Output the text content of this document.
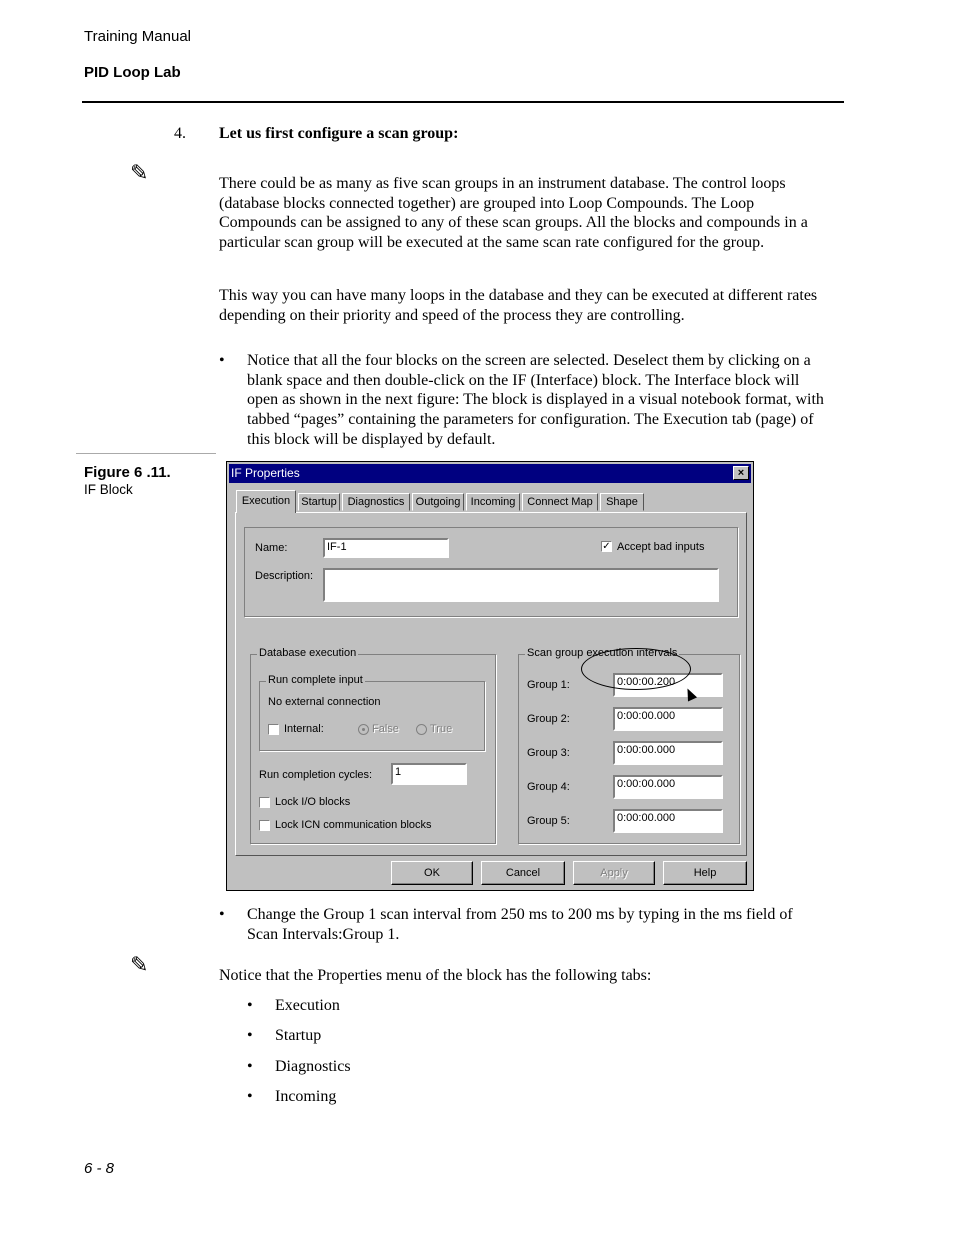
Training Manual
PID Loop Lab
4. Let us first configure a scan group:
✎	There could be as many as five scan groups in an instrument database. The control loops (database blocks connected together) are grouped into Loop Compounds. The Loop Compounds can be assigned to any of these scan groups. All the blocks and compounds in a particular scan group will be executed at the same scan rate configured for the group.
This way you can have many loops in the database and they can be executed at different rates depending on their priority and speed of the process they are controlling.
• Notice that all the four blocks on the screen are selected. Deselect them by clicking on a blank space and then double-click on the IF (Interface) block. The Interface block will open as shown in the next figure: The block is displayed in a visual notebook format, with tabbed “pages” containing the parameters for configuration. The Execution tab (page) of this block will be displayed by default.
Figure 6 .11.
IF Block
IF Properties	×
Execution	Startup Diagnostics	Outgoing Incoming	Connect Map	Shape
Name:	IF-1	✓ Accept bad inputs
Description:
Database execution
Run complete input
No external connection
Internal:	False	True
Run completion cycles:	1
Lock I/O blocks
Lock ICN communication blocks
Scan group execution intervals
Group 1:	0:00:00.200
Group 2:	0:00:00.000
Group 3:	0:00:00.000
Group 4:	0:00:00.000
Group 5:	0:00:00.000
OK	Cancel	Apply	Help
• Change the Group 1 scan interval from 250 ms to 200 ms by typing in the ms field of Scan Intervals:Group 1.
✎	Notice that the Properties menu of the block has the following tabs:
• Execution
• Startup
• Diagnostics
• Incoming
6 - 8
